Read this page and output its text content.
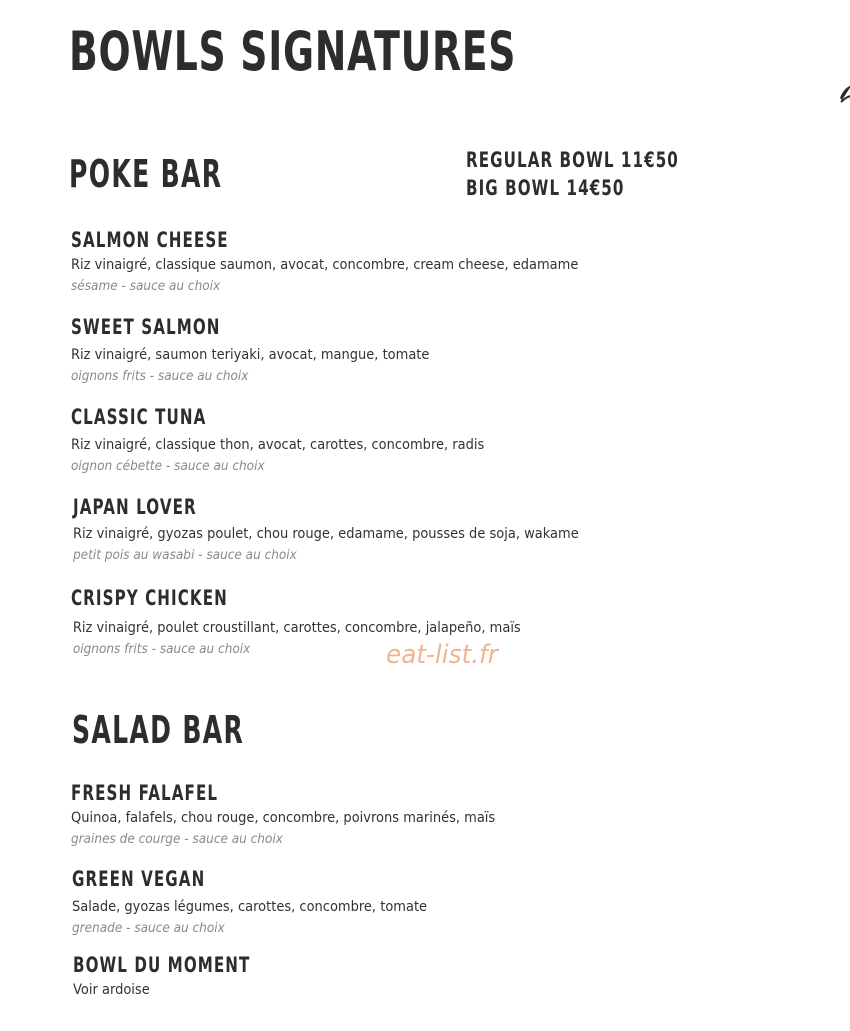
BOWLS SIGNATURES
POKE BAR	REGULAR BOWL 11€50
BIG BOWL 14€50
SALMON CHEESE
Riz vinaigré, classique saumon, avocat, concombre, cream cheese, edamame
sésame - sauce au choix
SWEET SALMON
Riz vinaigré, saumon teriyaki, avocat, mangue, tomate
oignons frits - sauce au choix
CLASSIC TUNA
Riz vinaigré, classique thon, avocat, carottes, concombre, radis
oignon cébette - sauce au choix
JAPAN LOVER
Riz vinaigré, gyozas poulet, chou rouge, edamame, pousses de soja, wakame
petit pois au wasabi - sauce au choix
CRISPY CHICKEN
Riz vinaigré, poulet croustillant, carottes, concombre, jalapeño, maïs
oignons frits - sauce au choix	eat-list.fr
SALAD BAR
FRESH FALAFEL
Quinoa, falafels, chou rouge, concombre, poivrons marinés, maïs
graines de courge - sauce au choix
GREEN VEGAN
Salade, gyozas légumes, carottes, concombre, tomate
grenade - sauce au choix
BOWL DU MOMENT
Voir ardoise
